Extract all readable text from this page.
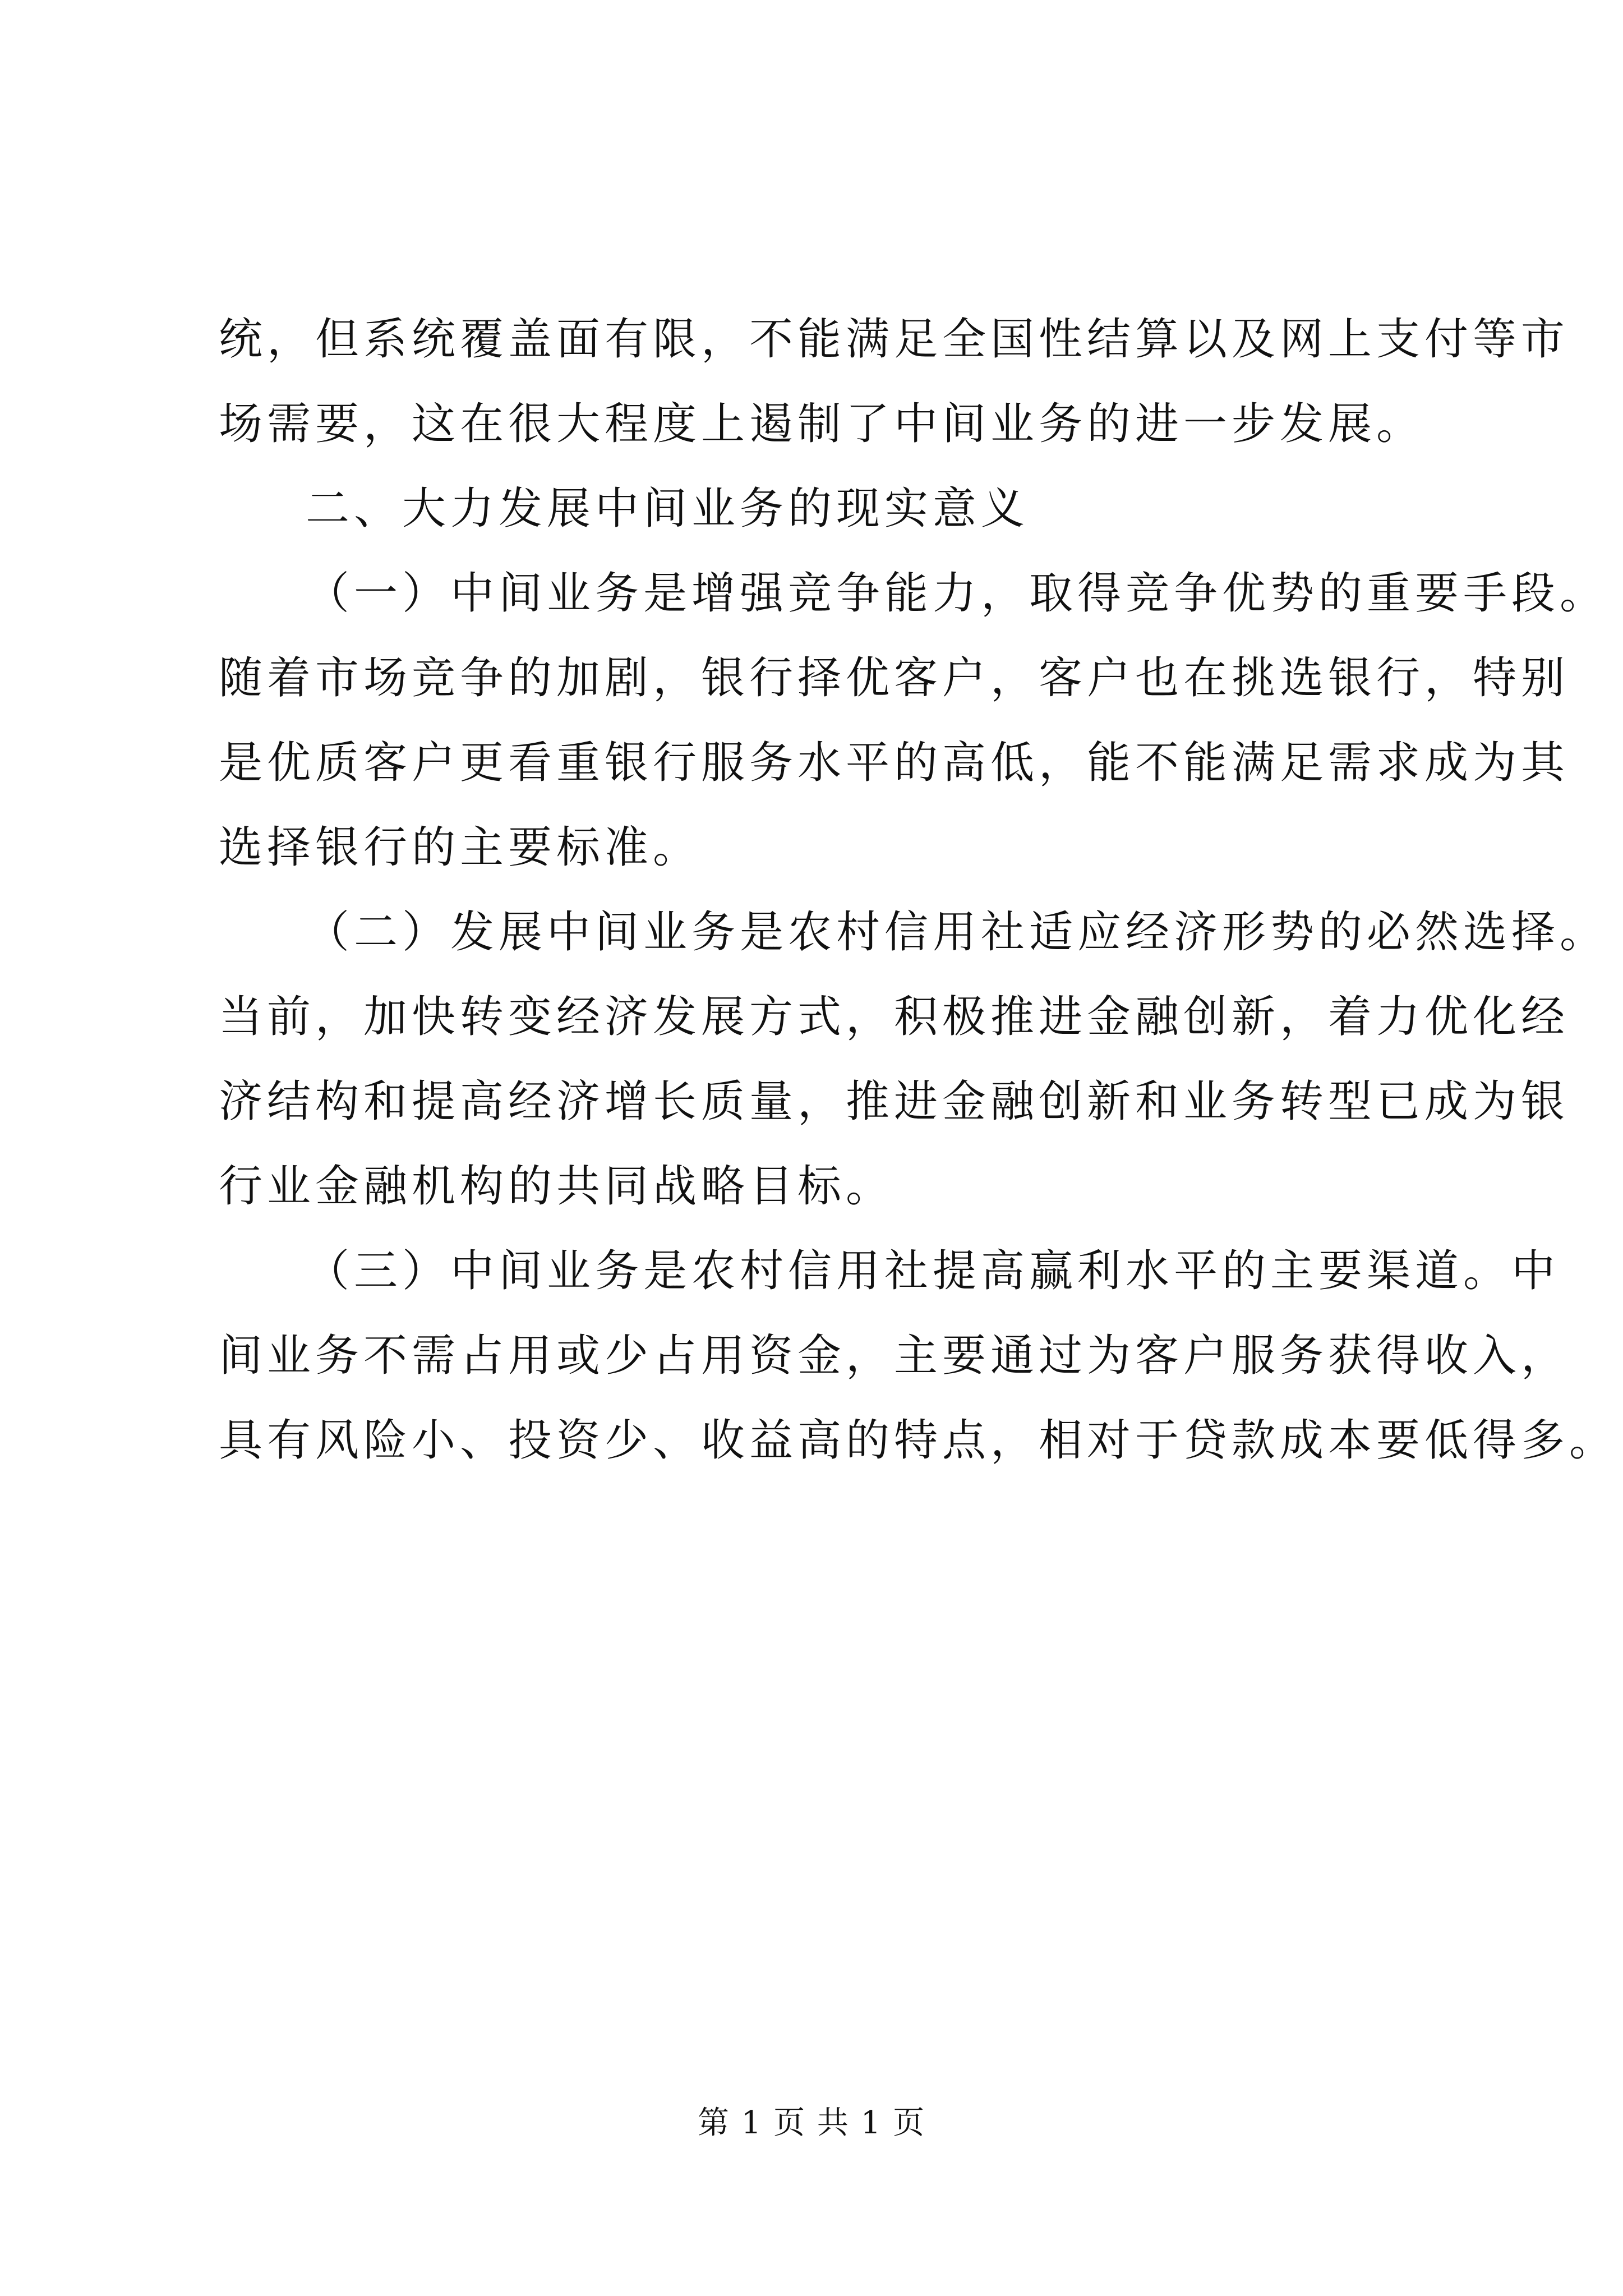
统，但系统覆盖面有限，不能满足全国性结算以及网上支付等市
场需要，这在很大程度上遏制了中间业务的进一步发展。
二、大力发展中间业务的现实意义
（一）中间业务是增强竞争能力，取得竞争优势的重要手段。
随着市场竞争的加剧，银行择优客户，客户也在挑选银行，特别
是优质客户更看重银行服务水平的高低，能不能满足需求成为其
选择银行的主要标准。
（二）发展中间业务是农村信用社适应经济形势的必然选择。
当前，加快转变经济发展方式，积极推进金融创新，着力优化经
济结构和提高经济增长质量，推进金融创新和业务转型已成为银
行业金融机构的共同战略目标。
（三）中间业务是农村信用社提高赢利水平的主要渠道。中
间业务不需占用或少占用资金，主要通过为客户服务获得收入，
具有风险小、投资少、收益高的特点，相对于贷款成本要低得多。
第 1 页 共 1 页
